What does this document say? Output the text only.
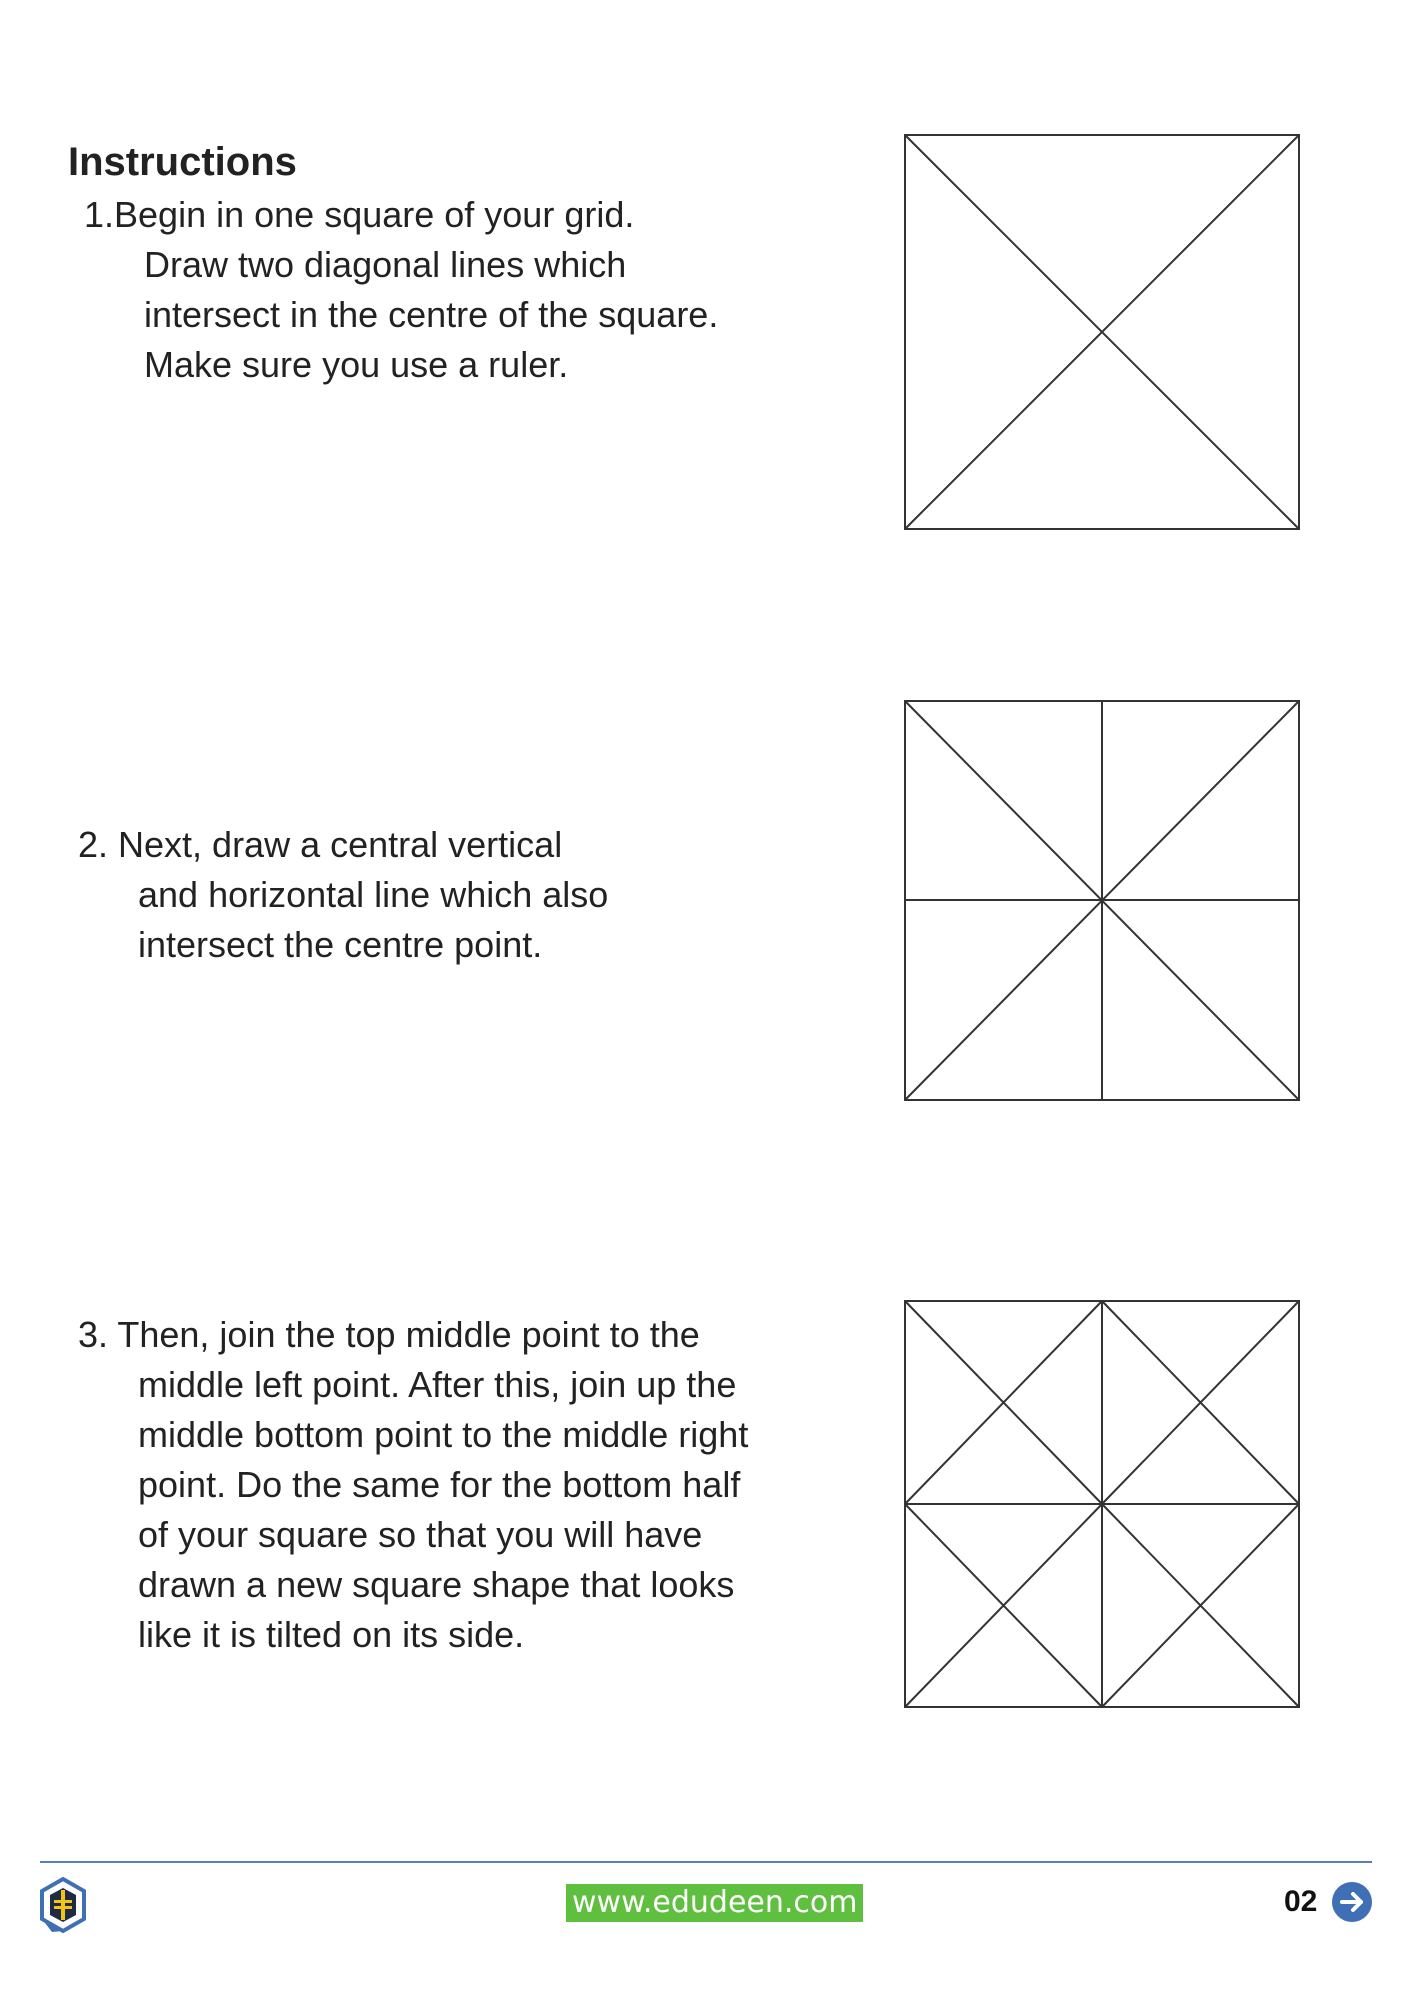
Instructions
1.Begin in one square of your grid.
Draw two diagonal lines which
intersect in the centre of the square.
Make sure you use a ruler.
2. Next, draw a central vertical
and horizontal line which also
intersect the centre point.
3. Then, join the top middle point to the
middle left point. After this, join up the
middle bottom point to the middle right
point. Do the same for the bottom half
of your square so that you will have
drawn a new square shape that looks
like it is tilted on its side.
www.edudeen.com	02
